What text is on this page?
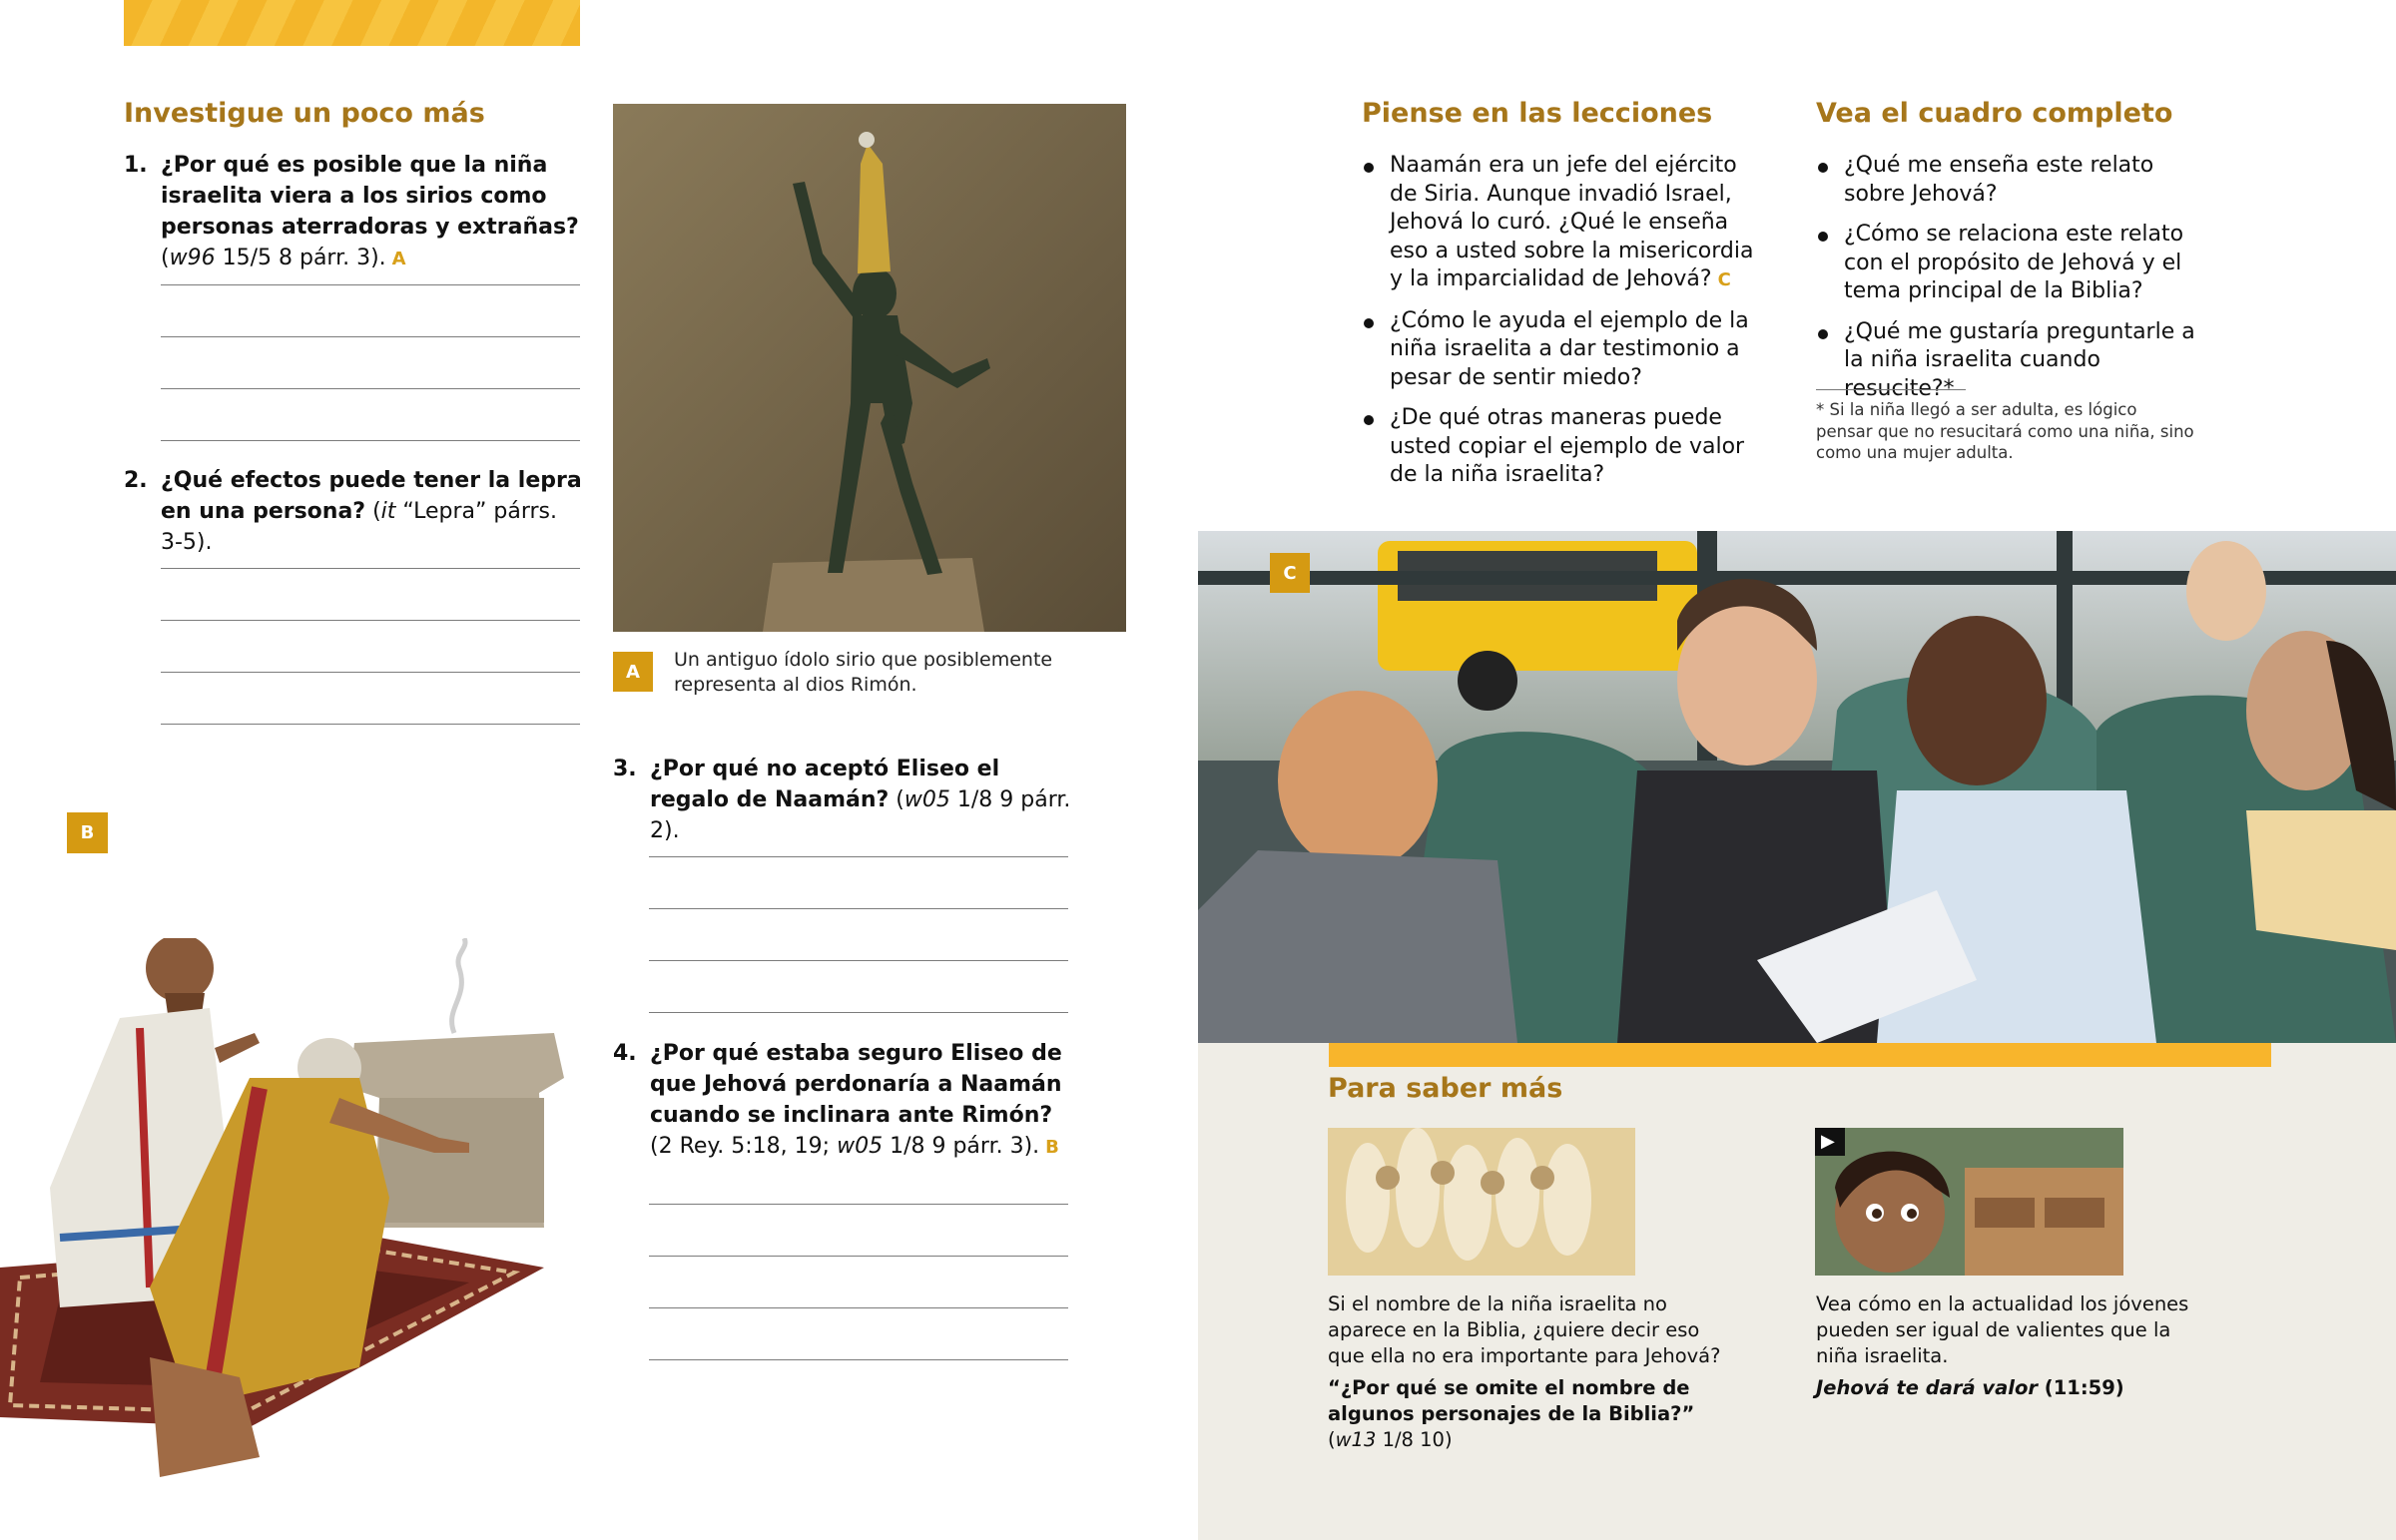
Investigue un poco más
1. ¿Por qué es posible que la niña israelita viera a los sirios como personas aterradoras y extrañas? (w96 15/5 8 párr. 3). A
2. ¿Qué efectos puede tener la lepra en una persona? (it “Lepra” párrs. 3-5).
A
Un antiguo ídolo sirio que posiblemente representa al dios Rimón.
3. ¿Por qué no aceptó Eliseo el regalo de Naamán? (w05 1/8 9 párr. 2).
4. ¿Por qué estaba seguro Eliseo de que Jehová perdonaría a Naamán cuando se inclinara ante Rimón? (2 Rey. 5:18, 19; w05 1/8 9 párr. 3). B
B
Piense en las lecciones
Naamán era un jefe del ejército de Siria. Aunque invadió Israel, Jehová lo curó. ¿Qué le enseña eso a usted sobre la misericordia y la imparcialidad de Jehová? C
¿Cómo le ayuda el ejemplo de la niña israelita a dar testimonio a pesar de sentir miedo?
¿De qué otras maneras puede usted copiar el ejemplo de valor de la niña israelita?
Vea el cuadro completo
¿Qué me enseña este relato sobre Jehová?
¿Cómo se relaciona este relato con el propósito de Jehová y el tema principal de la Biblia?
¿Qué me gustaría preguntarle a la niña israelita cuando resucite?*
* Si la niña llegó a ser adulta, es lógico pensar que no resucitará como una niña, sino como una mujer adulta.
C
Para saber más
Si el nombre de la niña israelita no aparece en la Biblia, ¿quiere decir eso que ella no era importante para Jehová?
“¿Por qué se omite el nombre de algunos personajes de la Biblia?” (w13 1/8 10)
▶
Vea cómo en la actualidad los jóvenes pueden ser igual de valientes que la niña israelita.
Jehová te dará valor (11:59)
